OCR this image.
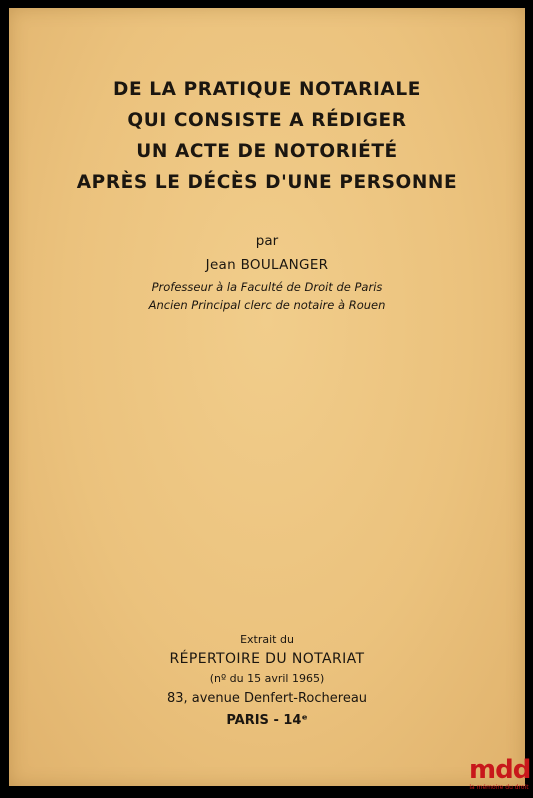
DE LA PRATIQUE NOTARIALE
QUI CONSISTE A RÉDIGER
UN ACTE DE NOTORIÉTÉ
APRÈS LE DÉCÈS D'UNE PERSONNE
par
Jean BOULANGER
Professeur à la Faculté de Droit de Paris
Ancien Principal clerc de notaire à Rouen
Extrait du
RÉPERTOIRE DU NOTARIAT
(nº du 15 avril 1965)
83, avenue Denfert-Rochereau
PARIS - 14ᵉ
mdd
la mémoire du droit
